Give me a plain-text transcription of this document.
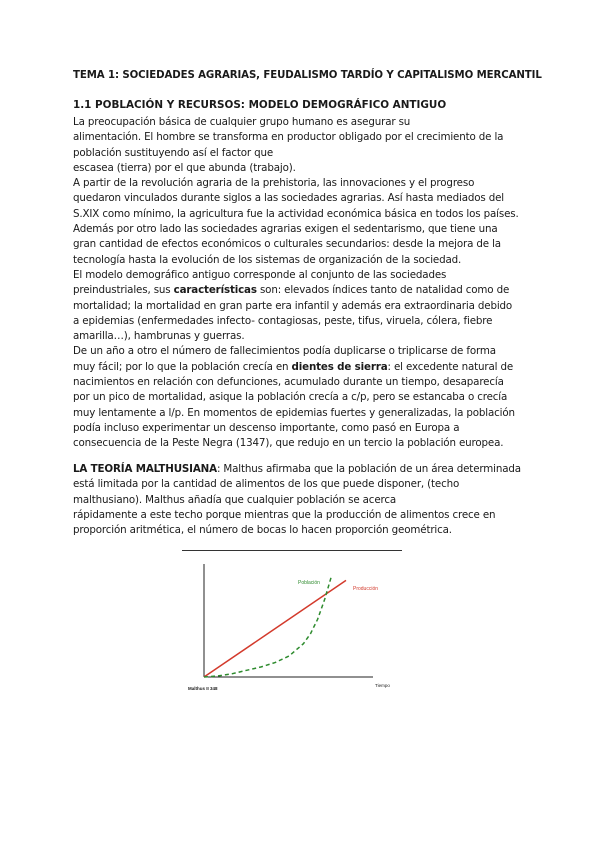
TEMA 1: SOCIEDADES AGRARIAS, FEUDALISMO TARDÍO Y CAPITALISMO MERCANTIL
1.1 POBLACIÓN Y RECURSOS: MODELO DEMOGRÁFICO ANTIGUO
La preocupación básica de cualquier grupo humano es asegurar su
alimentación. El hombre se transforma en productor obligado por el crecimiento de la
población sustituyendo así el factor que
escasea (tierra) por el que abunda (trabajo).
A partir de la revolución agraria de la prehistoria, las innovaciones y el progreso
quedaron vinculados durante siglos a las sociedades agrarias. Así hasta mediados del
S.XIX como mínimo, la agricultura fue la actividad económica básica en todos los países.
Además por otro lado las sociedades agrarias exigen el sedentarismo, que tiene una
gran cantidad de efectos económicos o culturales secundarios: desde la mejora de la
tecnología hasta la evolución de los sistemas de organización de la sociedad.
El modelo demográfico antiguo corresponde al conjunto de las sociedades
preindustriales, sus características son: elevados índices tanto de natalidad como de
mortalidad; la mortalidad en gran parte era infantil y además era extraordinaria debido
a epidemias (enfermedades infecto- contagiosas, peste, tifus, viruela, cólera, fiebre
amarilla…), hambrunas y guerras.
De un año a otro el número de fallecimientos podía duplicarse o triplicarse de forma
muy fácil; por lo que la población crecía en dientes de sierra: el excedente natural de
nacimientos en relación con defunciones, acumulado durante un tiempo, desaparecía
por un pico de mortalidad, asique la población crecía a c/p, pero se estancaba o crecía
muy lentamente a l/p. En momentos de epidemias fuertes y generalizadas, la población
podía incluso experimentar un descenso importante, como pasó en Europa a
consecuencia de la Peste Negra (1347), que redujo en un tercio la población europea.
LA TEORÍA MALTHUSIANA: Malthus afirmaba que la población de un área determinada
está limitada por la cantidad de alimentos de los que puede disponer, (techo
malthusiano). Malthus añadía que cualquier población se acerca
rápidamente a este techo porque mientras que la producción de alimentos crece en
proporción aritmética, el número de bocas lo hacen proporción geométrica.
Producción
Población
Tiempo
Malthus II 348
